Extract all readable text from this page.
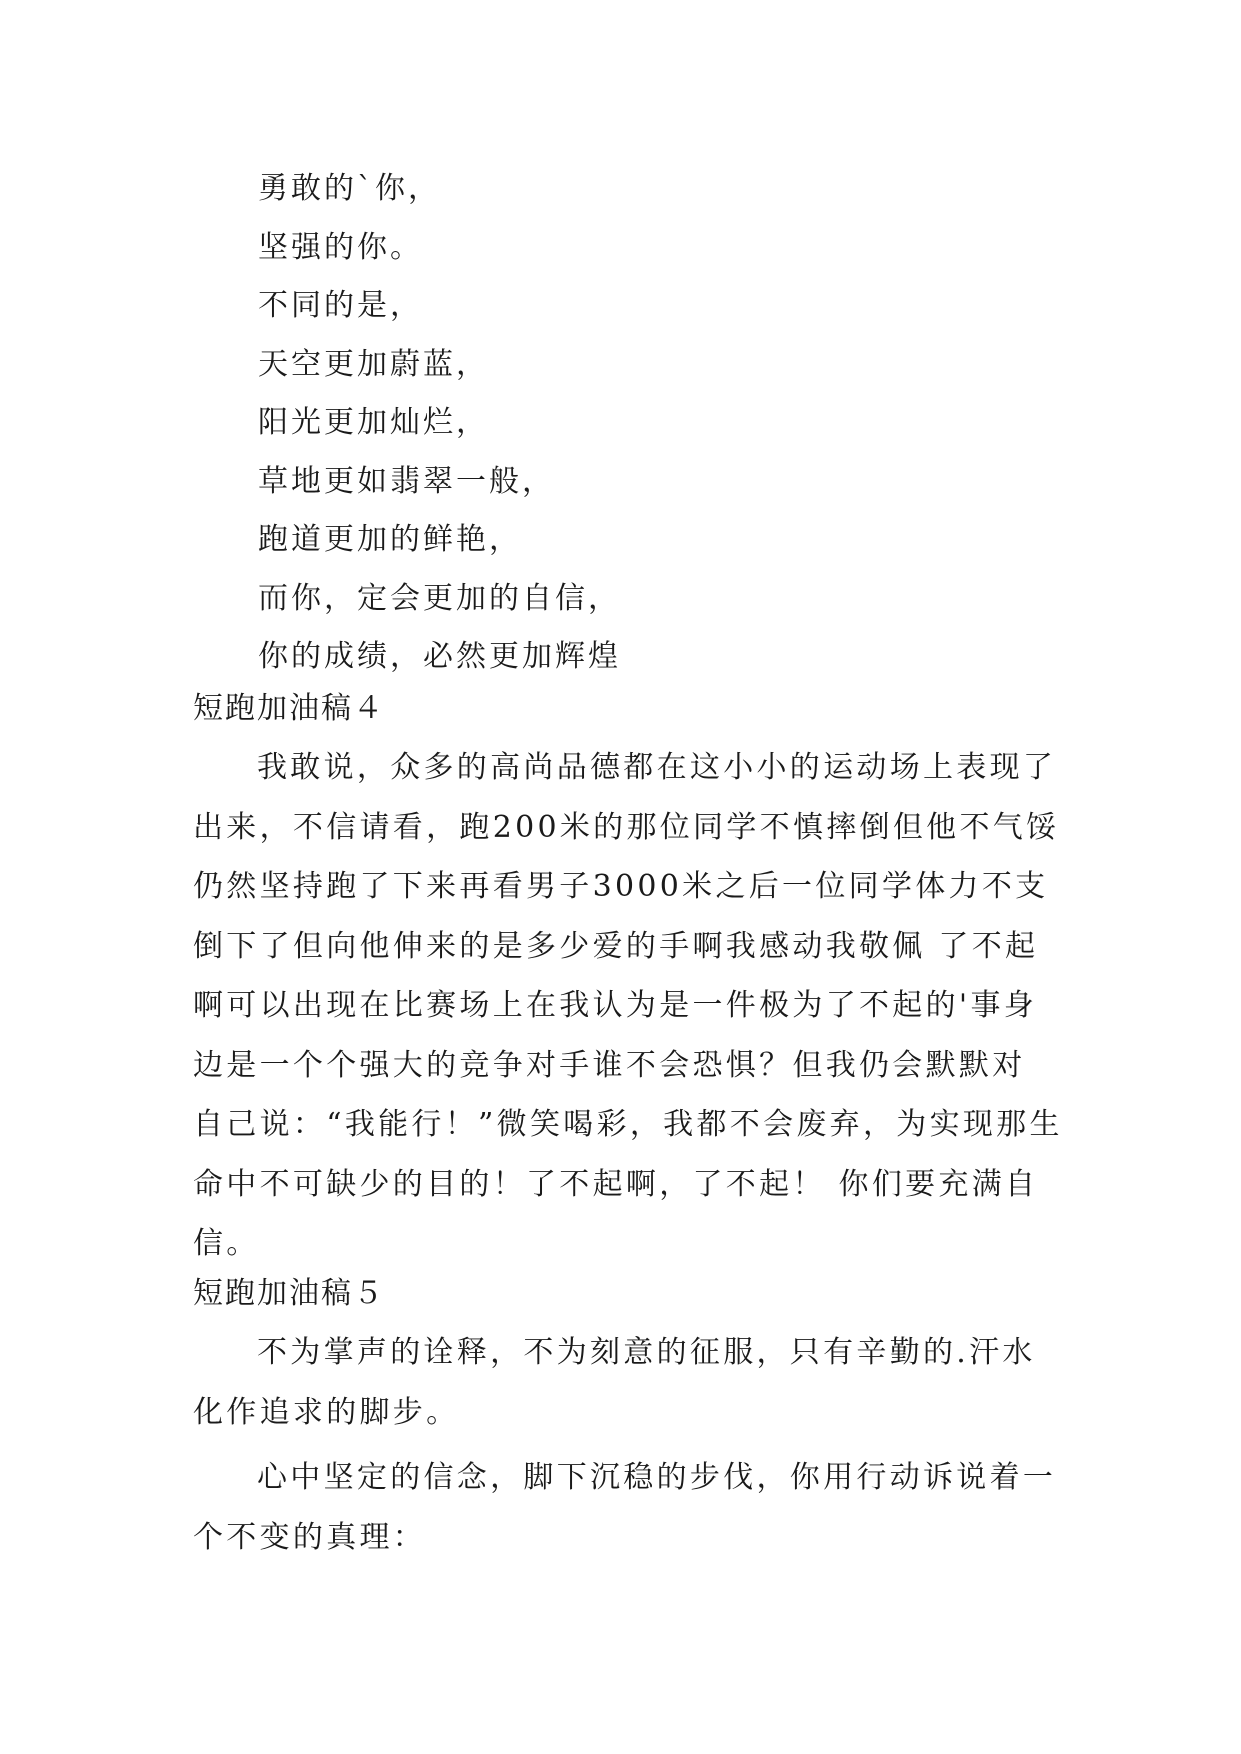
勇敢的`你，
坚强的你。
不同的是，
天空更加蔚蓝，
阳光更加灿烂，
草地更如翡翠一般，
跑道更加的鲜艳，
而你，定会更加的自信，
你的成绩，必然更加辉煌
短跑加油稿４
我敢说，众多的高尚品德都在这小小的运动场上表现了
出来，不信请看，跑200米的那位同学不慎摔倒但他不气馁
仍然坚持跑了下来再看男子3000米之后一位同学体力不支
倒下了但向他伸来的是多少爱的手啊我感动我敬佩 了不起
啊可以出现在比赛场上在我认为是一件极为了不起的'事身
边是一个个强大的竞争对手谁不会恐惧？但我仍会默默对
自己说：“我能行！”微笑喝彩，我都不会废弃，为实现那生
命中不可缺少的目的！了不起啊，了不起！ 你们要充满自
信。
短跑加油稿５
不为掌声的诠释，不为刻意的征服，只有辛勤的.汗水
化作追求的脚步。
心中坚定的信念，脚下沉稳的步伐，你用行动诉说着一
个不变的真理：
